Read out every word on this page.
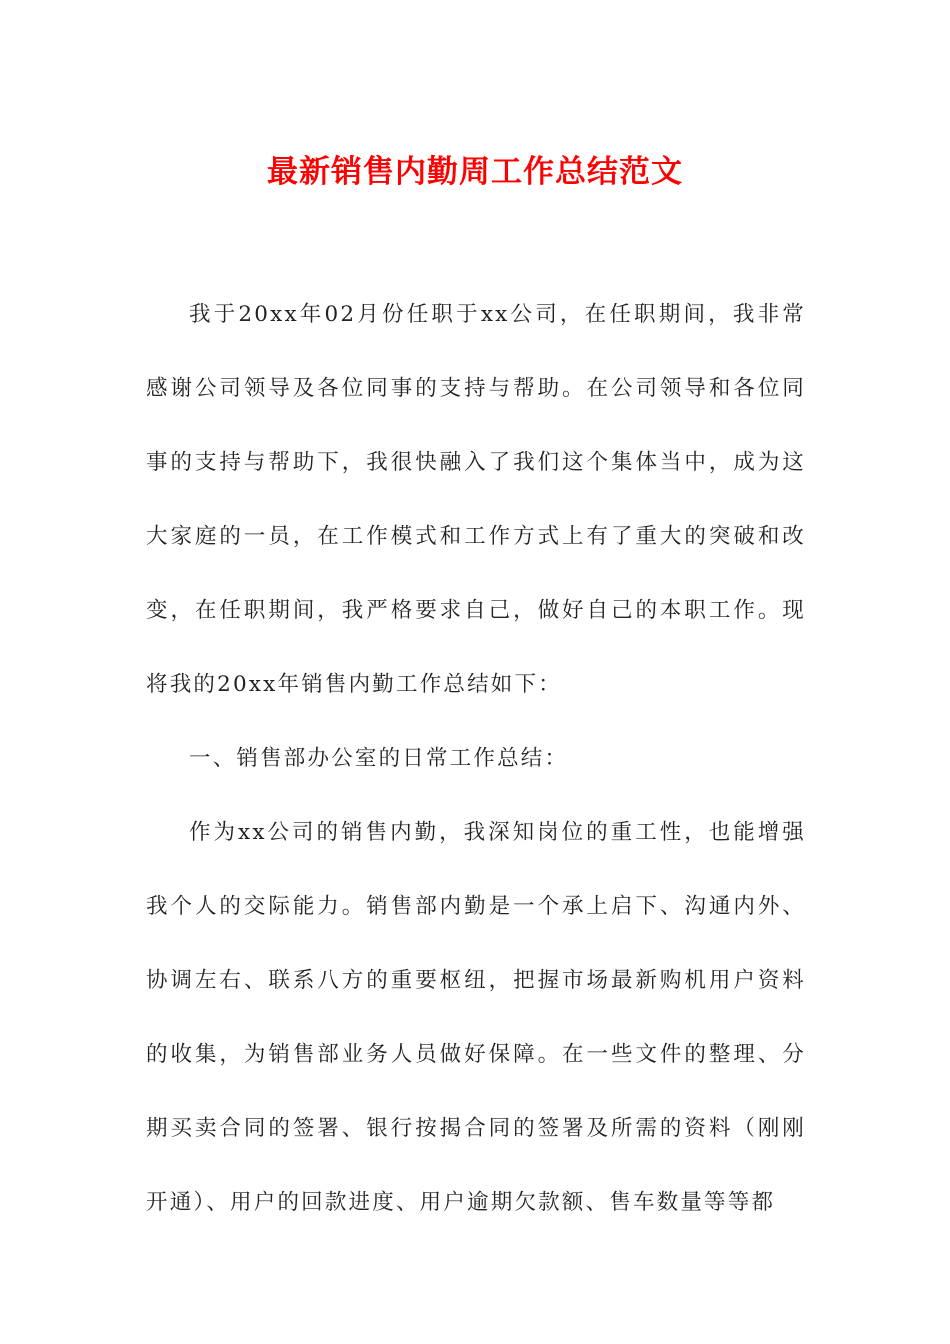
最新销售内勤周工作总结范文

我于20xx年02月份任职于xx公司，在任职期间，我非常感谢公司领导及各位同事的支持与帮助。在公司领导和各位同事的支持与帮助下，我很快融入了我们这个集体当中，成为这大家庭的一员，在工作模式和工作方式上有了重大的突破和改变，在任职期间，我严格要求自己，做好自己的本职工作。现将我的20xx年销售内勤工作总结如下：

一、销售部办公室的日常工作总结：

作为xx公司的销售内勤，我深知岗位的重工性，也能增强我个人的交际能力。销售部内勤是一个承上启下、沟通内外、协调左右、联系八方的重要枢纽，把握市场最新购机用户资料的收集，为销售部业务人员做好保障。在一些文件的整理、分期买卖合同的签署、银行按揭合同的签署及所需的资料（刚刚开通）、用户的回款进度、用户逾期欠款额、售车数量等等都
